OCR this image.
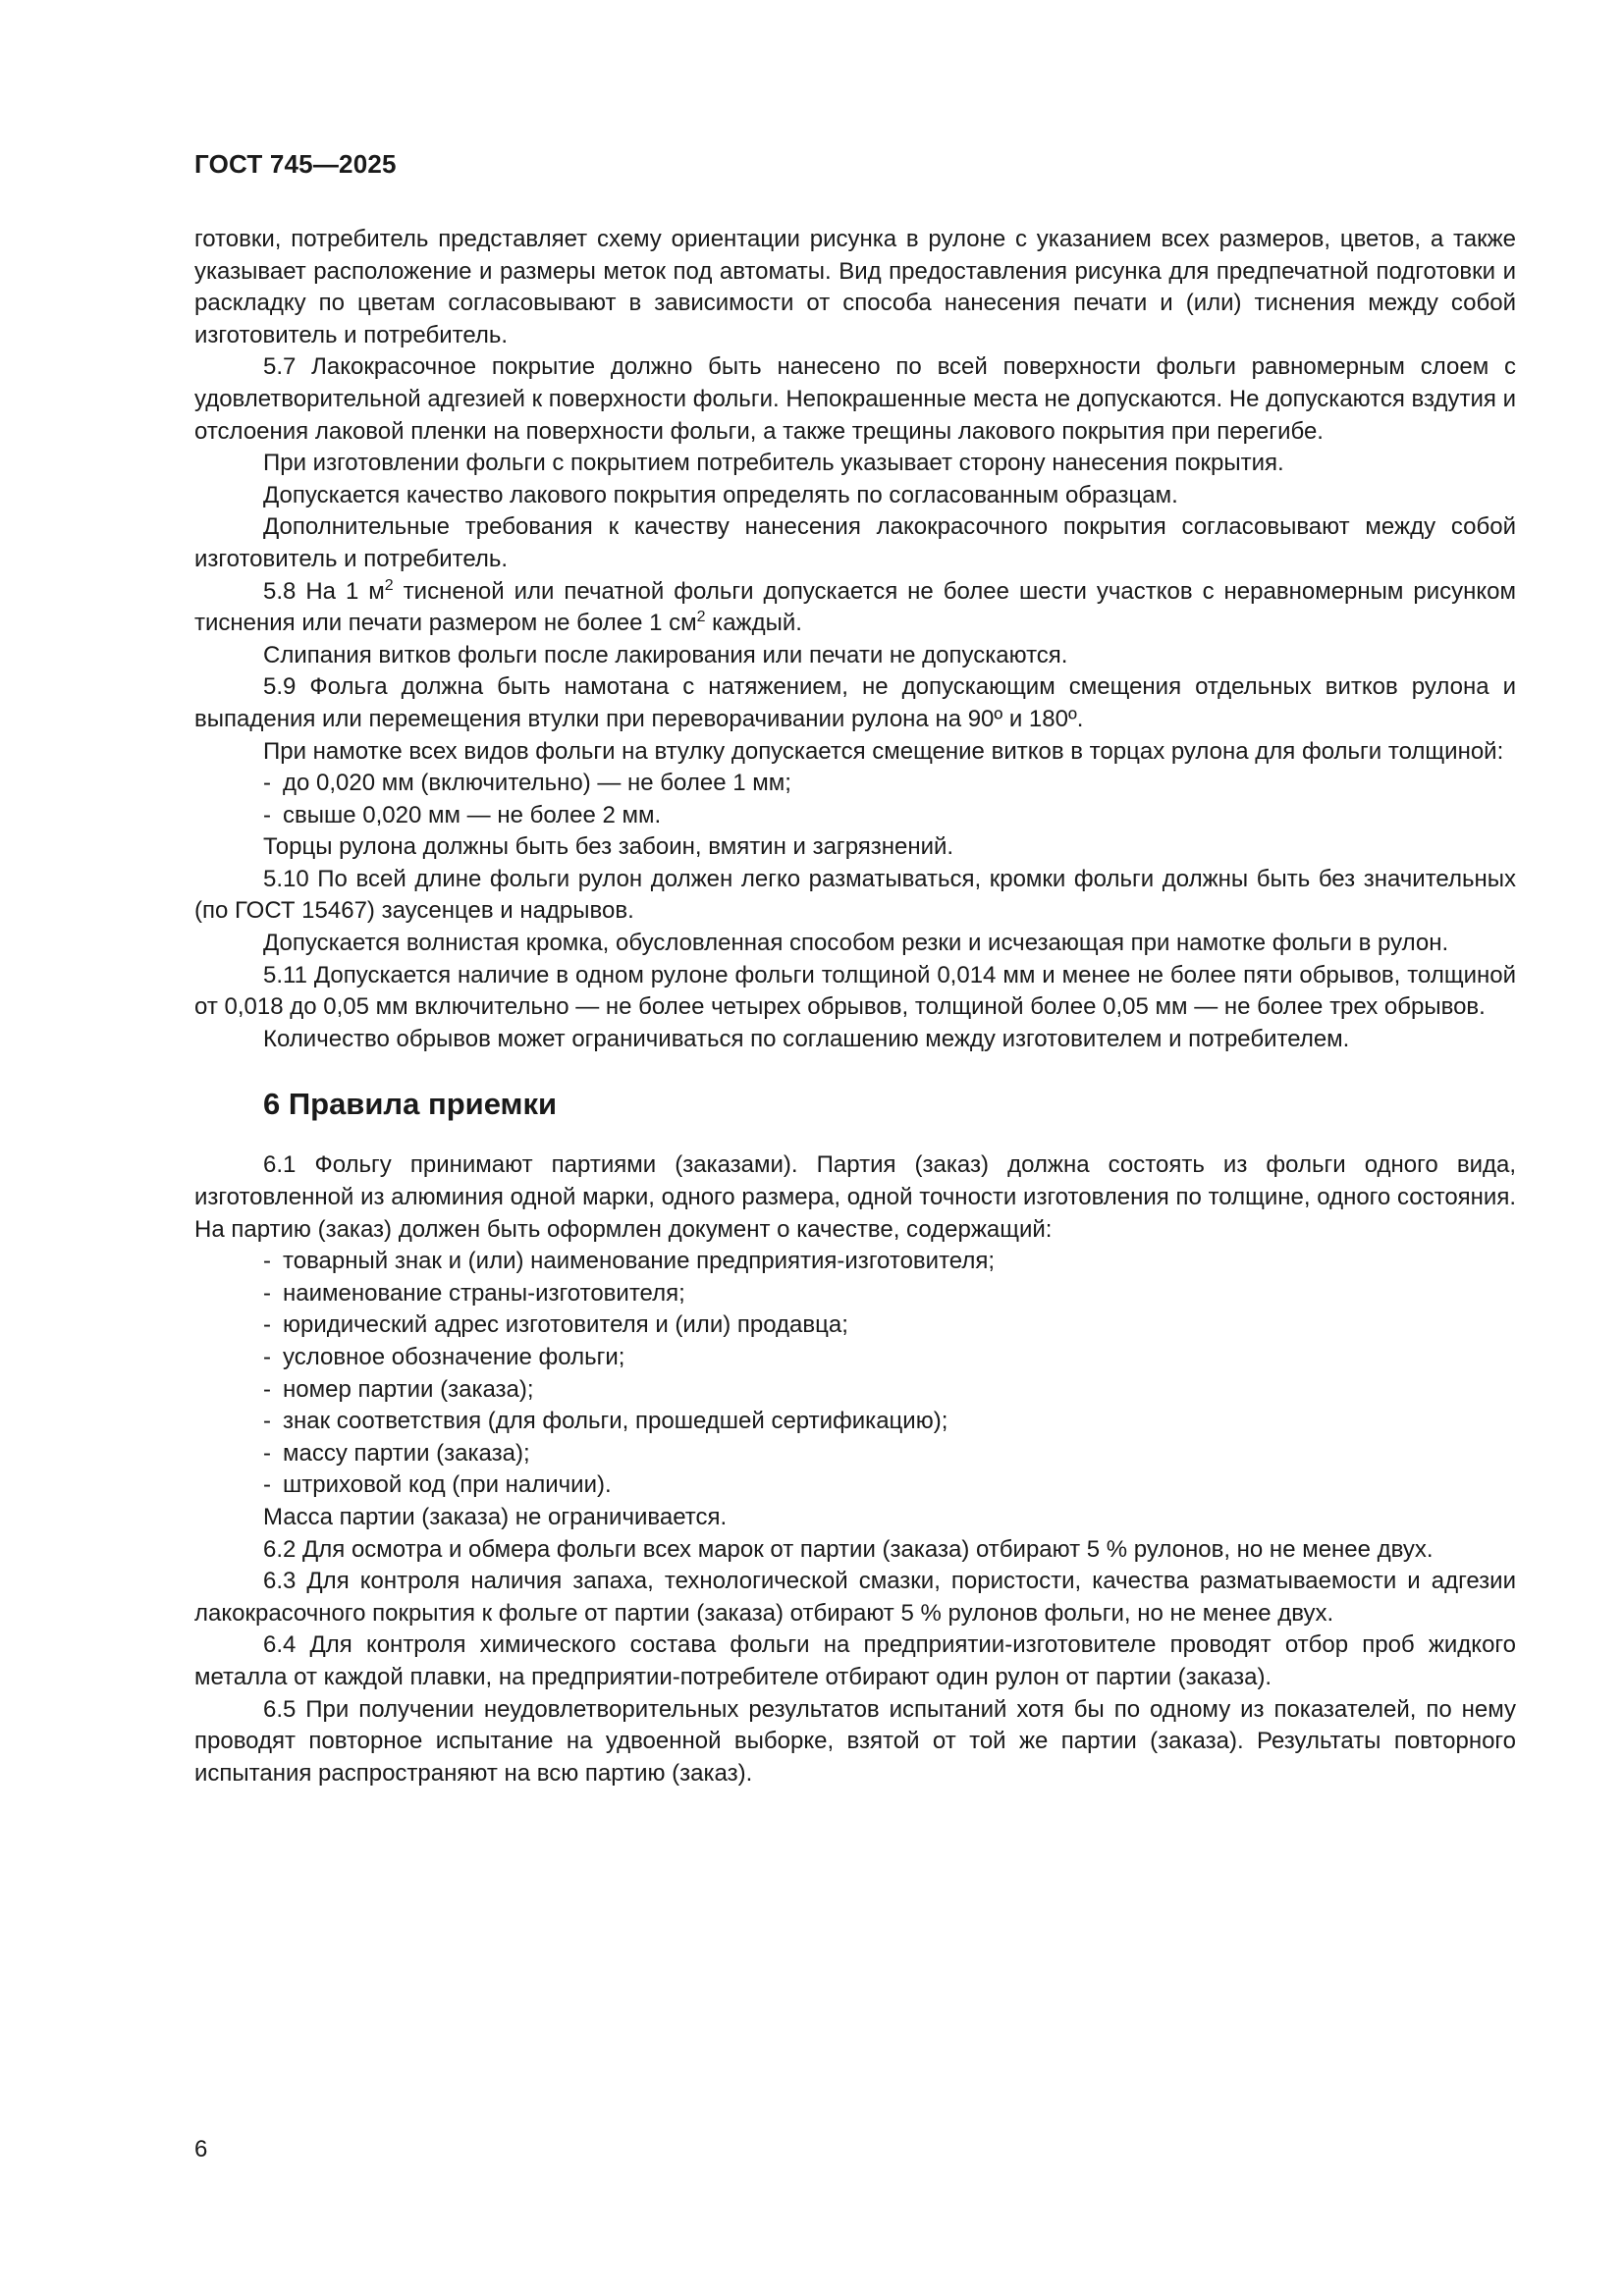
ГОСТ 745—2025

готовки, потребитель представляет схему ориентации рисунка в рулоне с указанием всех размеров, цветов, а также указывает расположение и размеры меток под автоматы. Вид предоставления рисунка для предпечатной подготовки и раскладку по цветам согласовывают в зависимости от способа нанесения печати и (или) тиснения между собой изготовитель и потребитель.

5.7 Лакокрасочное покрытие должно быть нанесено по всей поверхности фольги равномерным слоем с удовлетворительной адгезией к поверхности фольги. Непокрашенные места не допускаются. Не допускаются вздутия и отслоения лаковой пленки на поверхности фольги, а также трещины лакового покрытия при перегибе.

При изготовлении фольги с покрытием потребитель указывает сторону нанесения покрытия.

Допускается качество лакового покрытия определять по согласованным образцам.

Дополнительные требования к качеству нанесения лакокрасочного покрытия согласовывают между собой изготовитель и потребитель.

5.8 На 1 $м^2$ тисненой или печатной фольги допускается не более шести участков с неравномерным рисунком тиснения или печати размером не более 1 $см^2$ каждый.

Слипания витков фольги после лакирования или печати не допускаются.

5.9 Фольга должна быть намотана с натяжением, не допускающим смещения отдельных витков рулона и выпадения или перемещения втулки при переворачивании рулона на 90º и 180º.

При намотке всех видов фольги на втулку допускается смещение витков в торцах рулона для фольги толщиной:

- до 0,020 мм (включительно) — не более 1 мм;
- свыше 0,020 мм — не более 2 мм.

Торцы рулона должны быть без забоин, вмятин и загрязнений.

5.10 По всей длине фольги рулон должен легко разматываться, кромки фольги должны быть без значительных (по ГОСТ 15467) заусенцев и надрывов.

Допускается волнистая кромка, обусловленная способом резки и исчезающая при намотке фольги в рулон.

5.11 Допускается наличие в одном рулоне фольги толщиной 0,014 мм и менее не более пяти обрывов, толщиной от 0,018 до 0,05 мм включительно — не более четырех обрывов, толщиной более 0,05 мм — не более трех обрывов.

Количество обрывов может ограничиваться по соглашению между изготовителем и потребителем.

6 Правила приемки

6.1 Фольгу принимают партиями (заказами). Партия (заказ) должна состоять из фольги одного вида, изготовленной из алюминия одной марки, одного размера, одной точности изготовления по толщине, одного состояния. На партию (заказ) должен быть оформлен документ о качестве, содержащий:

- товарный знак и (или) наименование предприятия-изготовителя;
- наименование страны-изготовителя;
- юридический адрес изготовителя и (или) продавца;
- условное обозначение фольги;
- номер партии (заказа);
- знак соответствия (для фольги, прошедшей сертификацию);
- массу партии (заказа);
- штриховой код (при наличии).

Масса партии (заказа) не ограничивается.

6.2 Для осмотра и обмера фольги всех марок от партии (заказа) отбирают 5 % рулонов, но не менее двух.

6.3 Для контроля наличия запаха, технологической смазки, пористости, качества разматываемости и адгезии лакокрасочного покрытия к фольге от партии (заказа) отбирают 5 % рулонов фольги, но не менее двух.

6.4 Для контроля химического состава фольги на предприятии-изготовителе проводят отбор проб жидкого металла от каждой плавки, на предприятии-потребителе отбирают один рулон от партии (заказа).

6.5 При получении неудовлетворительных результатов испытаний хотя бы по одному из показателей, по нему проводят повторное испытание на удвоенной выборке, взятой от той же партии (заказа). Результаты повторного испытания распространяют на всю партию (заказ).

6
